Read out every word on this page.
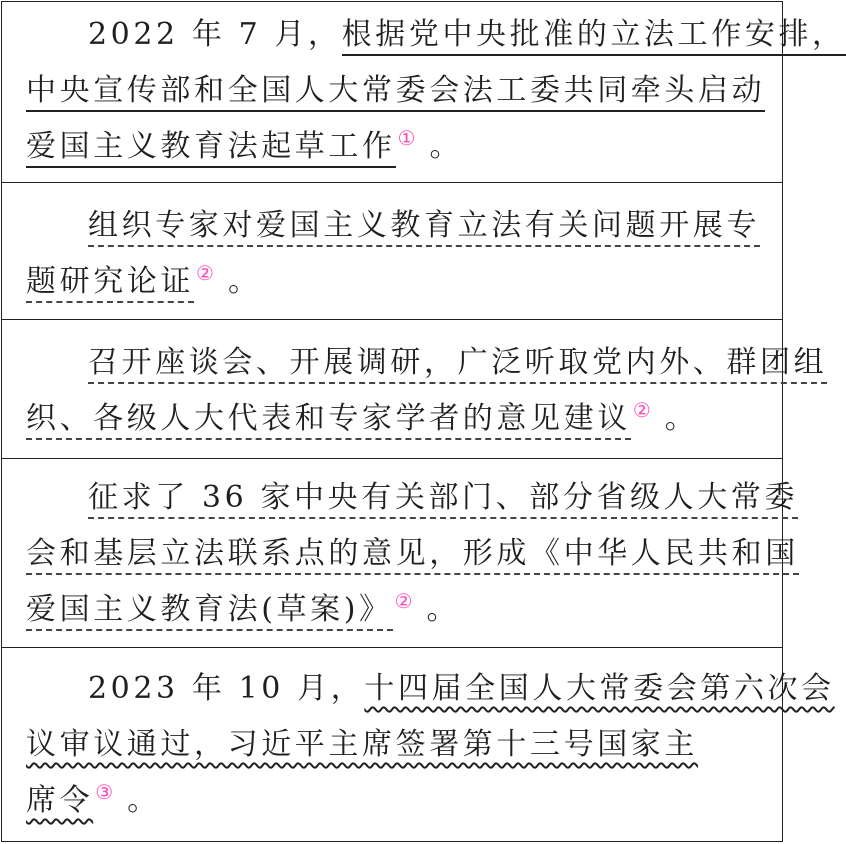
2022 年 7 月，根据党中央批准的立法工作安排，
中央宣传部和全国人大常委会法工委共同牵头启动
爱国主义教育法起草工作 ① 。
组织专家对爱国主义教育立法有关问题开展专
题研究论证 ② 。
召开座谈会、开展调研，广泛听取党内外、群团组
织、各级人大代表和专家学者的意见建议 ② 。
征求了 36 家中央有关部门、部分省级人大常委
会和基层立法联系点的意见，形成《中华人民共和国
爱国主义教育法(草案)》 ② 。
2023 年 10 月，十四届全国人大常委会第六次会
议审议通过，习近平主席签署第十三号国家主
席令 ③ 。
